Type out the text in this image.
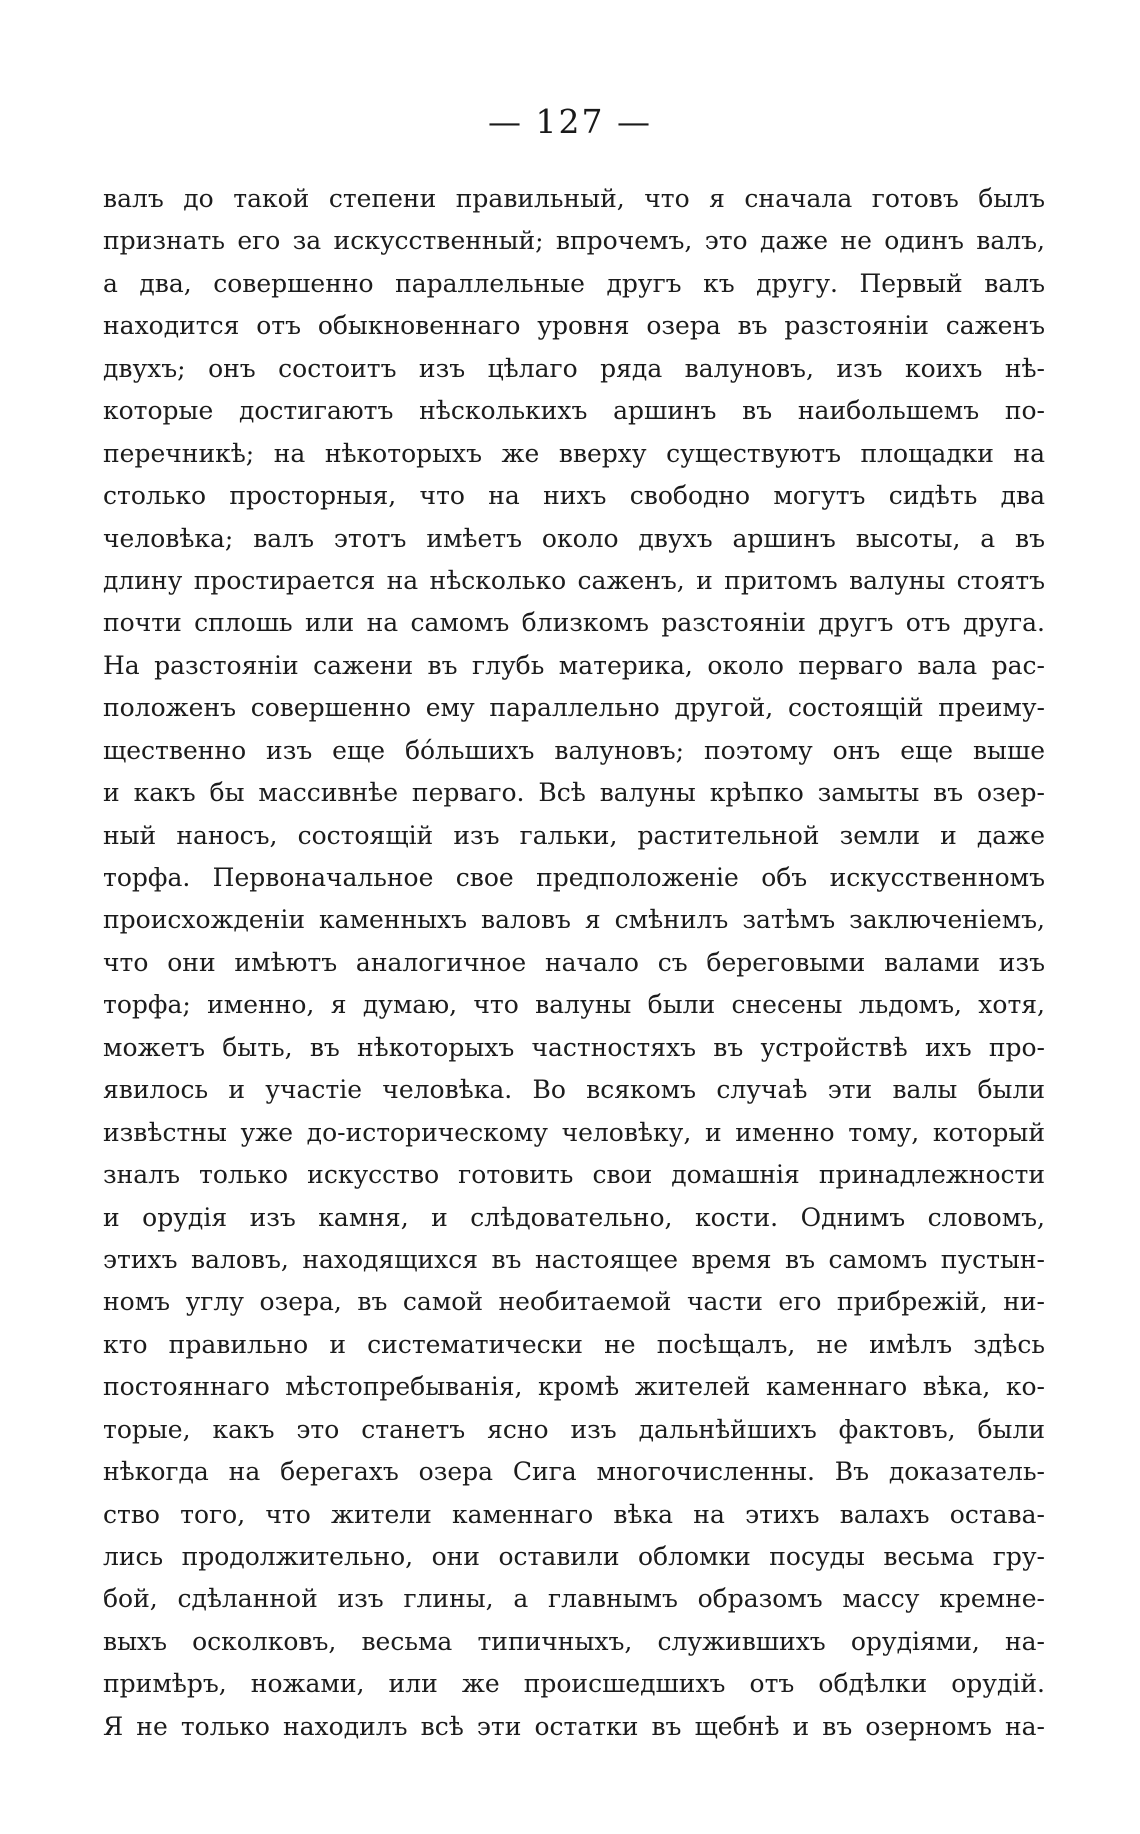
— 127 —
валъ до такой степени правильный, что я сначала готовъ былъ
признать его за искусственный; впрочемъ, это даже не одинъ валъ,
а два, совершенно параллельные другъ къ другу. Первый валъ
находится отъ обыкновеннаго уровня озера въ разстояніи саженъ
двухъ; онъ состоитъ изъ цѣлаго ряда валуновъ, изъ коихъ нѣ-
которые достигаютъ нѣсколькихъ аршинъ въ наибольшемъ по-
перечникѣ; на нѣкоторыхъ же вверху существуютъ площадки на
столько просторныя, что на нихъ свободно могутъ сидѣть два
человѣка; валъ этотъ имѣетъ около двухъ аршинъ высоты, а въ
длину простирается на нѣсколько саженъ, и притомъ валуны стоятъ
почти сплошь или на самомъ близкомъ разстояніи другъ отъ друга.
На разстояніи сажени въ глубь материка, около перваго вала рас-
положенъ совершенно ему параллельно другой, состоящій преиму-
щественно изъ еще бо́льшихъ валуновъ; поэтому онъ еще выше
и какъ бы массивнѣе перваго. Всѣ валуны крѣпко замыты въ озер-
ный наносъ, состоящій изъ гальки, растительной земли и даже
торфа. Первоначальное свое предположеніе объ искусственномъ
происхожденіи каменныхъ валовъ я смѣнилъ затѣмъ заключеніемъ,
что они имѣютъ аналогичное начало съ береговыми валами изъ
торфа; именно, я думаю, что валуны были снесены льдомъ, хотя,
можетъ быть, въ нѣкоторыхъ частностяхъ въ устройствѣ ихъ про-
явилось и участіе человѣка. Во всякомъ случаѣ эти валы были
извѣстны уже до-историческому человѣку, и именно тому, который
зналъ только искусство готовить свои домашнія принадлежности
и орудія изъ камня, и слѣдовательно, кости. Однимъ словомъ,
этихъ валовъ, находящихся въ настоящее время въ самомъ пустын-
номъ углу озера, въ самой необитаемой части его прибрежій, ни-
кто правильно и систематически не посѣщалъ, не имѣлъ здѣсь
постояннаго мѣстопребыванія, кромѣ жителей каменнаго вѣка, ко-
торые, какъ это станетъ ясно изъ дальнѣйшихъ фактовъ, были
нѣкогда на берегахъ озера Сига многочисленны. Въ доказатель-
ство того, что жители каменнаго вѣка на этихъ валахъ остава-
лись продолжительно, они оставили обломки посуды весьма гру-
бой, сдѣланной изъ глины, а главнымъ образомъ массу кремне-
выхъ осколковъ, весьма типичныхъ, служившихъ орудіями, на-
примѣръ, ножами, или же происшедшихъ отъ обдѣлки орудій.
Я не только находилъ всѣ эти остатки въ щебнѣ и въ озерномъ на-
